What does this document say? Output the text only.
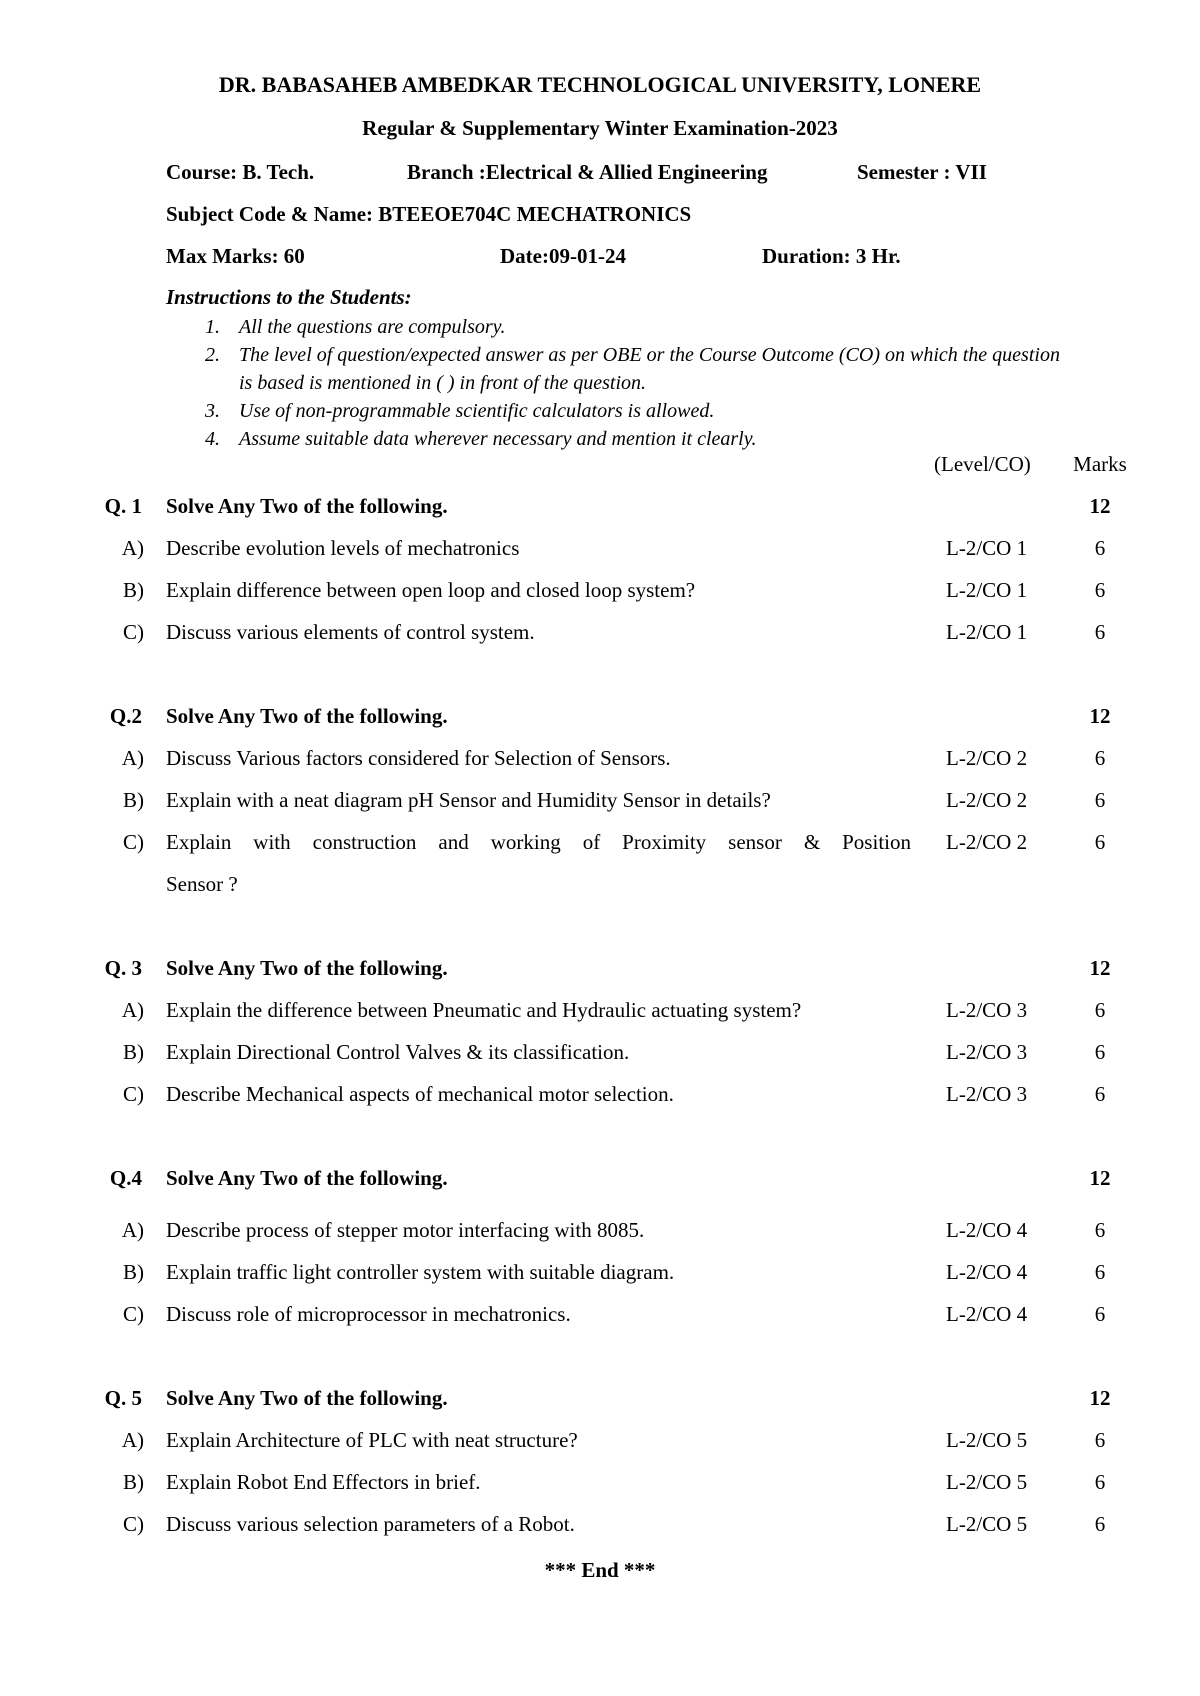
DR. BABASAHEB AMBEDKAR TECHNOLOGICAL UNIVERSITY, LONERE
Regular & Supplementary Winter Examination-2023
Course: B. Tech.	Branch :Electrical & Allied Engineering	Semester : VII
Subject Code & Name: BTEEOE704C MECHATRONICS
Max Marks: 60	Date:09-01-24	Duration: 3 Hr.
Instructions to the Students:
1. All the questions are compulsory.
2. The level of question/expected answer as per OBE or the Course Outcome (CO) on which the question is based is mentioned in ( ) in front of the question.
3. Use of non-programmable scientific calculators is allowed.
4. Assume suitable data wherever necessary and mention it clearly.
(Level/CO) Marks
Q. 1 Solve Any Two of the following.	12
A) Describe evolution levels of mechatronics	L-2/CO 1	6
B) Explain difference between open loop and closed loop system?	L-2/CO 1	6
C) Discuss various elements of control system.	L-2/CO 1	6
Q.2 Solve Any Two of the following.	12
A) Discuss Various factors considered for Selection of Sensors.	L-2/CO 2	6
B) Explain with a neat diagram pH Sensor and Humidity Sensor in details?	L-2/CO 2	6
C) Explain with construction and working of Proximity sensor & Position L-2/CO 2	6
Sensor ?
Q. 3 Solve Any Two of the following.	12
A) Explain the difference between Pneumatic and Hydraulic actuating system?	L-2/CO 3	6
B) Explain Directional Control Valves & its classification.	L-2/CO 3	6
C) Describe Mechanical aspects of mechanical motor selection.	L-2/CO 3	6
Q.4 Solve Any Two of the following.	12
A) Describe process of stepper motor interfacing with 8085.	L-2/CO 4	6
B) Explain traffic light controller system with suitable diagram.	L-2/CO 4	6
C) Discuss role of microprocessor in mechatronics.	L-2/CO 4	6
Q. 5 Solve Any Two of the following.	12
A) Explain Architecture of PLC with neat structure?	L-2/CO 5	6
B) Explain Robot End Effectors in brief.	L-2/CO 5	6
C) Discuss various selection parameters of a Robot.	L-2/CO 5	6
*** End ***
